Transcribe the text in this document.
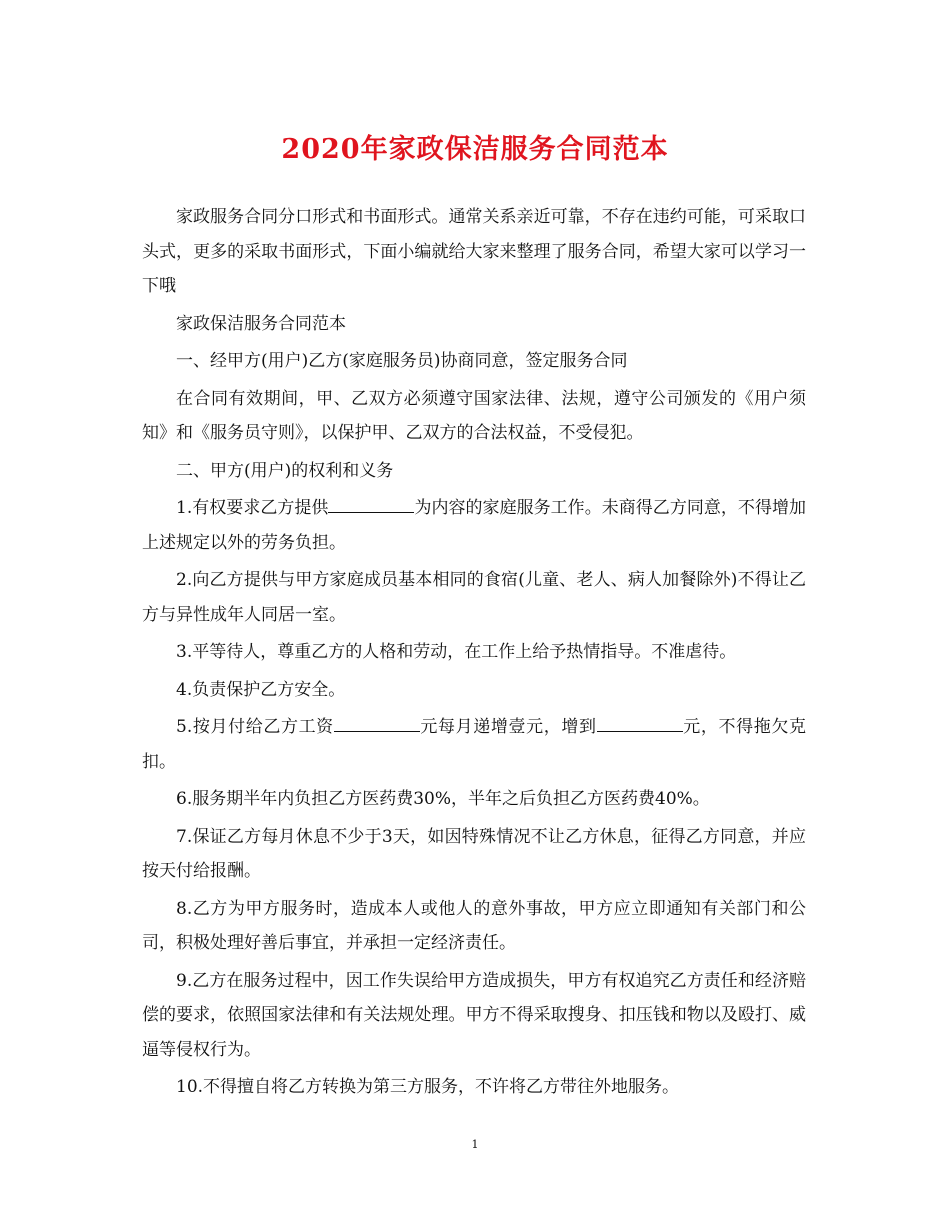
2020年家政保洁服务合同范本

家政服务合同分口形式和书面形式。通常关系亲近可靠，不存在违约可能，可采取口头式，更多的采取书面形式，下面小编就给大家来整理了服务合同，希望大家可以学习一下哦

家政保洁服务合同范本

一、经甲方(用户)乙方(家庭服务员)协商同意，签定服务合同

在合同有效期间，甲、乙双方必须遵守国家法律、法规，遵守公司颁发的《用户须知》和《服务员守则》，以保护甲、乙双方的合法权益，不受侵犯。

二、甲方(用户)的权利和义务

1.有权要求乙方提供	为内容的家庭服务工作。未商得乙方同意，不得增加上述规定以外的劳务负担。

2.向乙方提供与甲方家庭成员基本相同的食宿(儿童、老人、病人加餐除外)不得让乙方与异性成年人同居一室。

3.平等待人，尊重乙方的人格和劳动，在工作上给予热情指导。不准虐待。

4.负责保护乙方安全。

5.按月付给乙方工资	元每月递增壹元，增到	元，不得拖欠克扣。

6.服务期半年内负担乙方医药费30%，半年之后负担乙方医药费40%。

7.保证乙方每月休息不少于3天，如因特殊情况不让乙方休息，征得乙方同意，并应按天付给报酬。

8.乙方为甲方服务时，造成本人或他人的意外事故，甲方应立即通知有关部门和公司，积极处理好善后事宜，并承担一定经济责任。

9.乙方在服务过程中，因工作失误给甲方造成损失，甲方有权追究乙方责任和经济赔偿的要求，依照国家法律和有关法规处理。甲方不得采取搜身、扣压钱和物以及殴打、威逼等侵权行为。

10.不得擅自将乙方转换为第三方服务，不许将乙方带往外地服务。

1
